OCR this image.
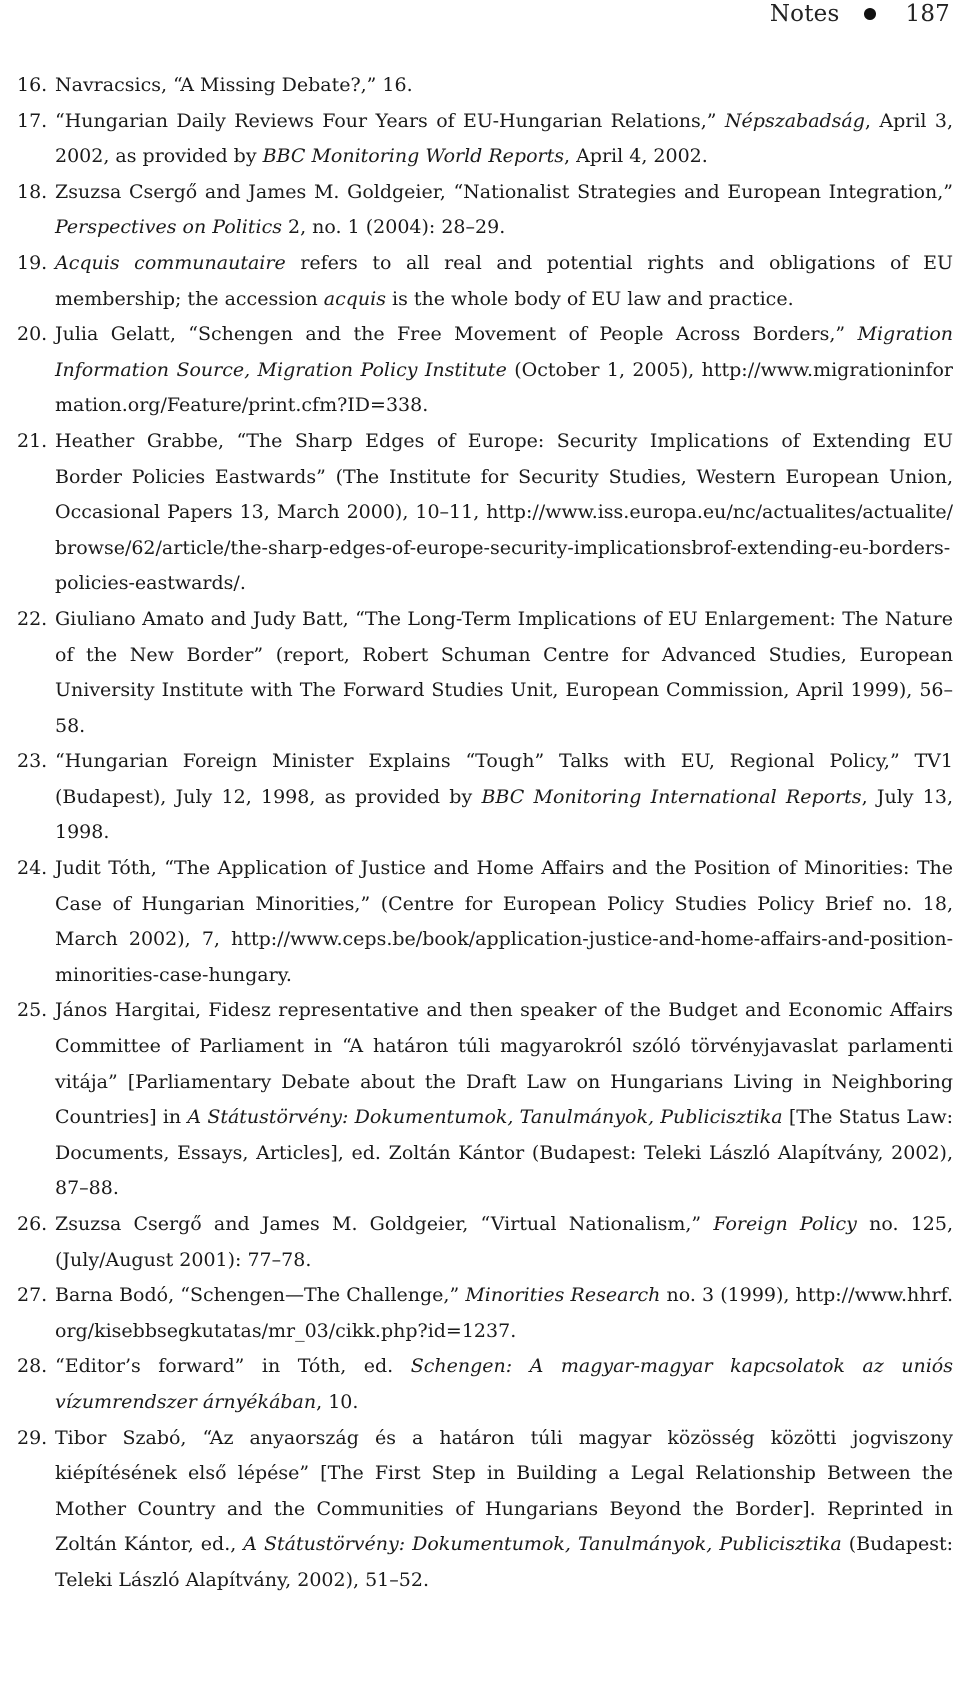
Notes	187
16. Navracsics, “A Missing Debate?,” 16.
17. “Hungarian Daily Reviews Four Years of EU-Hungarian Relations,” Népszabadság, April 3, 2002, as provided by BBC Monitoring World Reports, April 4, 2002.
18. Zsuzsa Csergő and James M. Goldgeier, “Nationalist Strategies and European Integration,” Perspectives on Politics 2, no. 1 (2004): 28–29.
19. Acquis communautaire refers to all real and potential rights and obligations of EU membership; the accession acquis is the whole body of EU law and practice.
20. Julia Gelatt, “Schengen and the Free Movement of People Across Borders,” Migration Information Source, Migration Policy Institute (October 1, 2005), http://www.migrationinformation.org/Feature/print.cfm?ID=338.
21. Heather Grabbe, “The Sharp Edges of Europe: Security Implications of Extending EU Border Policies Eastwards” (The Institute for Security Studies, Western European Union, Occasional Papers 13, March 2000), 10–11, http://www.iss.europa.eu/nc/actualites/actualite/browse/62/article/the-sharp-edges-of-europe-security-implicationsbrof-extending-eu-borders-policies-eastwards/.
22. Giuliano Amato and Judy Batt, “The Long-Term Implications of EU Enlargement: The Nature of the New Border” (report, Robert Schuman Centre for Advanced Studies, European University Institute with The Forward Studies Unit, European Commission, April 1999), 56–58.
23. “Hungarian Foreign Minister Explains “Tough” Talks with EU, Regional Policy,” TV1 (Budapest), July 12, 1998, as provided by BBC Monitoring International Reports, July 13, 1998.
24. Judit Tóth, “The Application of Justice and Home Affairs and the Position of Minorities: The Case of Hungarian Minorities,” (Centre for European Policy Studies Policy Brief no. 18, March 2002), 7, http://www.ceps.be/book/application-justice-and-home-affairs-and-position-minorities-case-hungary.
25. János Hargitai, Fidesz representative and then speaker of the Budget and Economic Affairs Committee of Parliament in “A határon túli magyarokról szóló törvényjavaslat parlamenti vitája” [Parliamentary Debate about the Draft Law on Hungarians Living in Neighboring Countries] in A Státustörvény: Dokumentumok, Tanulmányok, Publicisztika [The Status Law: Documents, Essays, Articles], ed. Zoltán Kántor (Budapest: Teleki László Alapítvány, 2002), 87–88.
26. Zsuzsa Csergő and James M. Goldgeier, “Virtual Nationalism,” Foreign Policy no. 125, (July/August 2001): 77–78.
27. Barna Bodó, “Schengen—The Challenge,” Minorities Research no. 3 (1999), http://www.hhrf.org/kisebbsegkutatas/mr_03/cikk.php?id=1237.
28. “Editor’s forward” in Tóth, ed. Schengen: A magyar-magyar kapcsolatok az uniós vízumrendszer árnyékában, 10.
29. Tibor Szabó, “Az anyaország és a határon túli magyar közösség közötti jogviszony kiépítésének első lépése” [The First Step in Building a Legal Relationship Between the Mother Country and the Communities of Hungarians Beyond the Border]. Reprinted in Zoltán Kántor, ed., A Státustörvény: Dokumentumok, Tanulmányok, Publicisztika (Budapest: Teleki László Alapítvány, 2002), 51–52.
